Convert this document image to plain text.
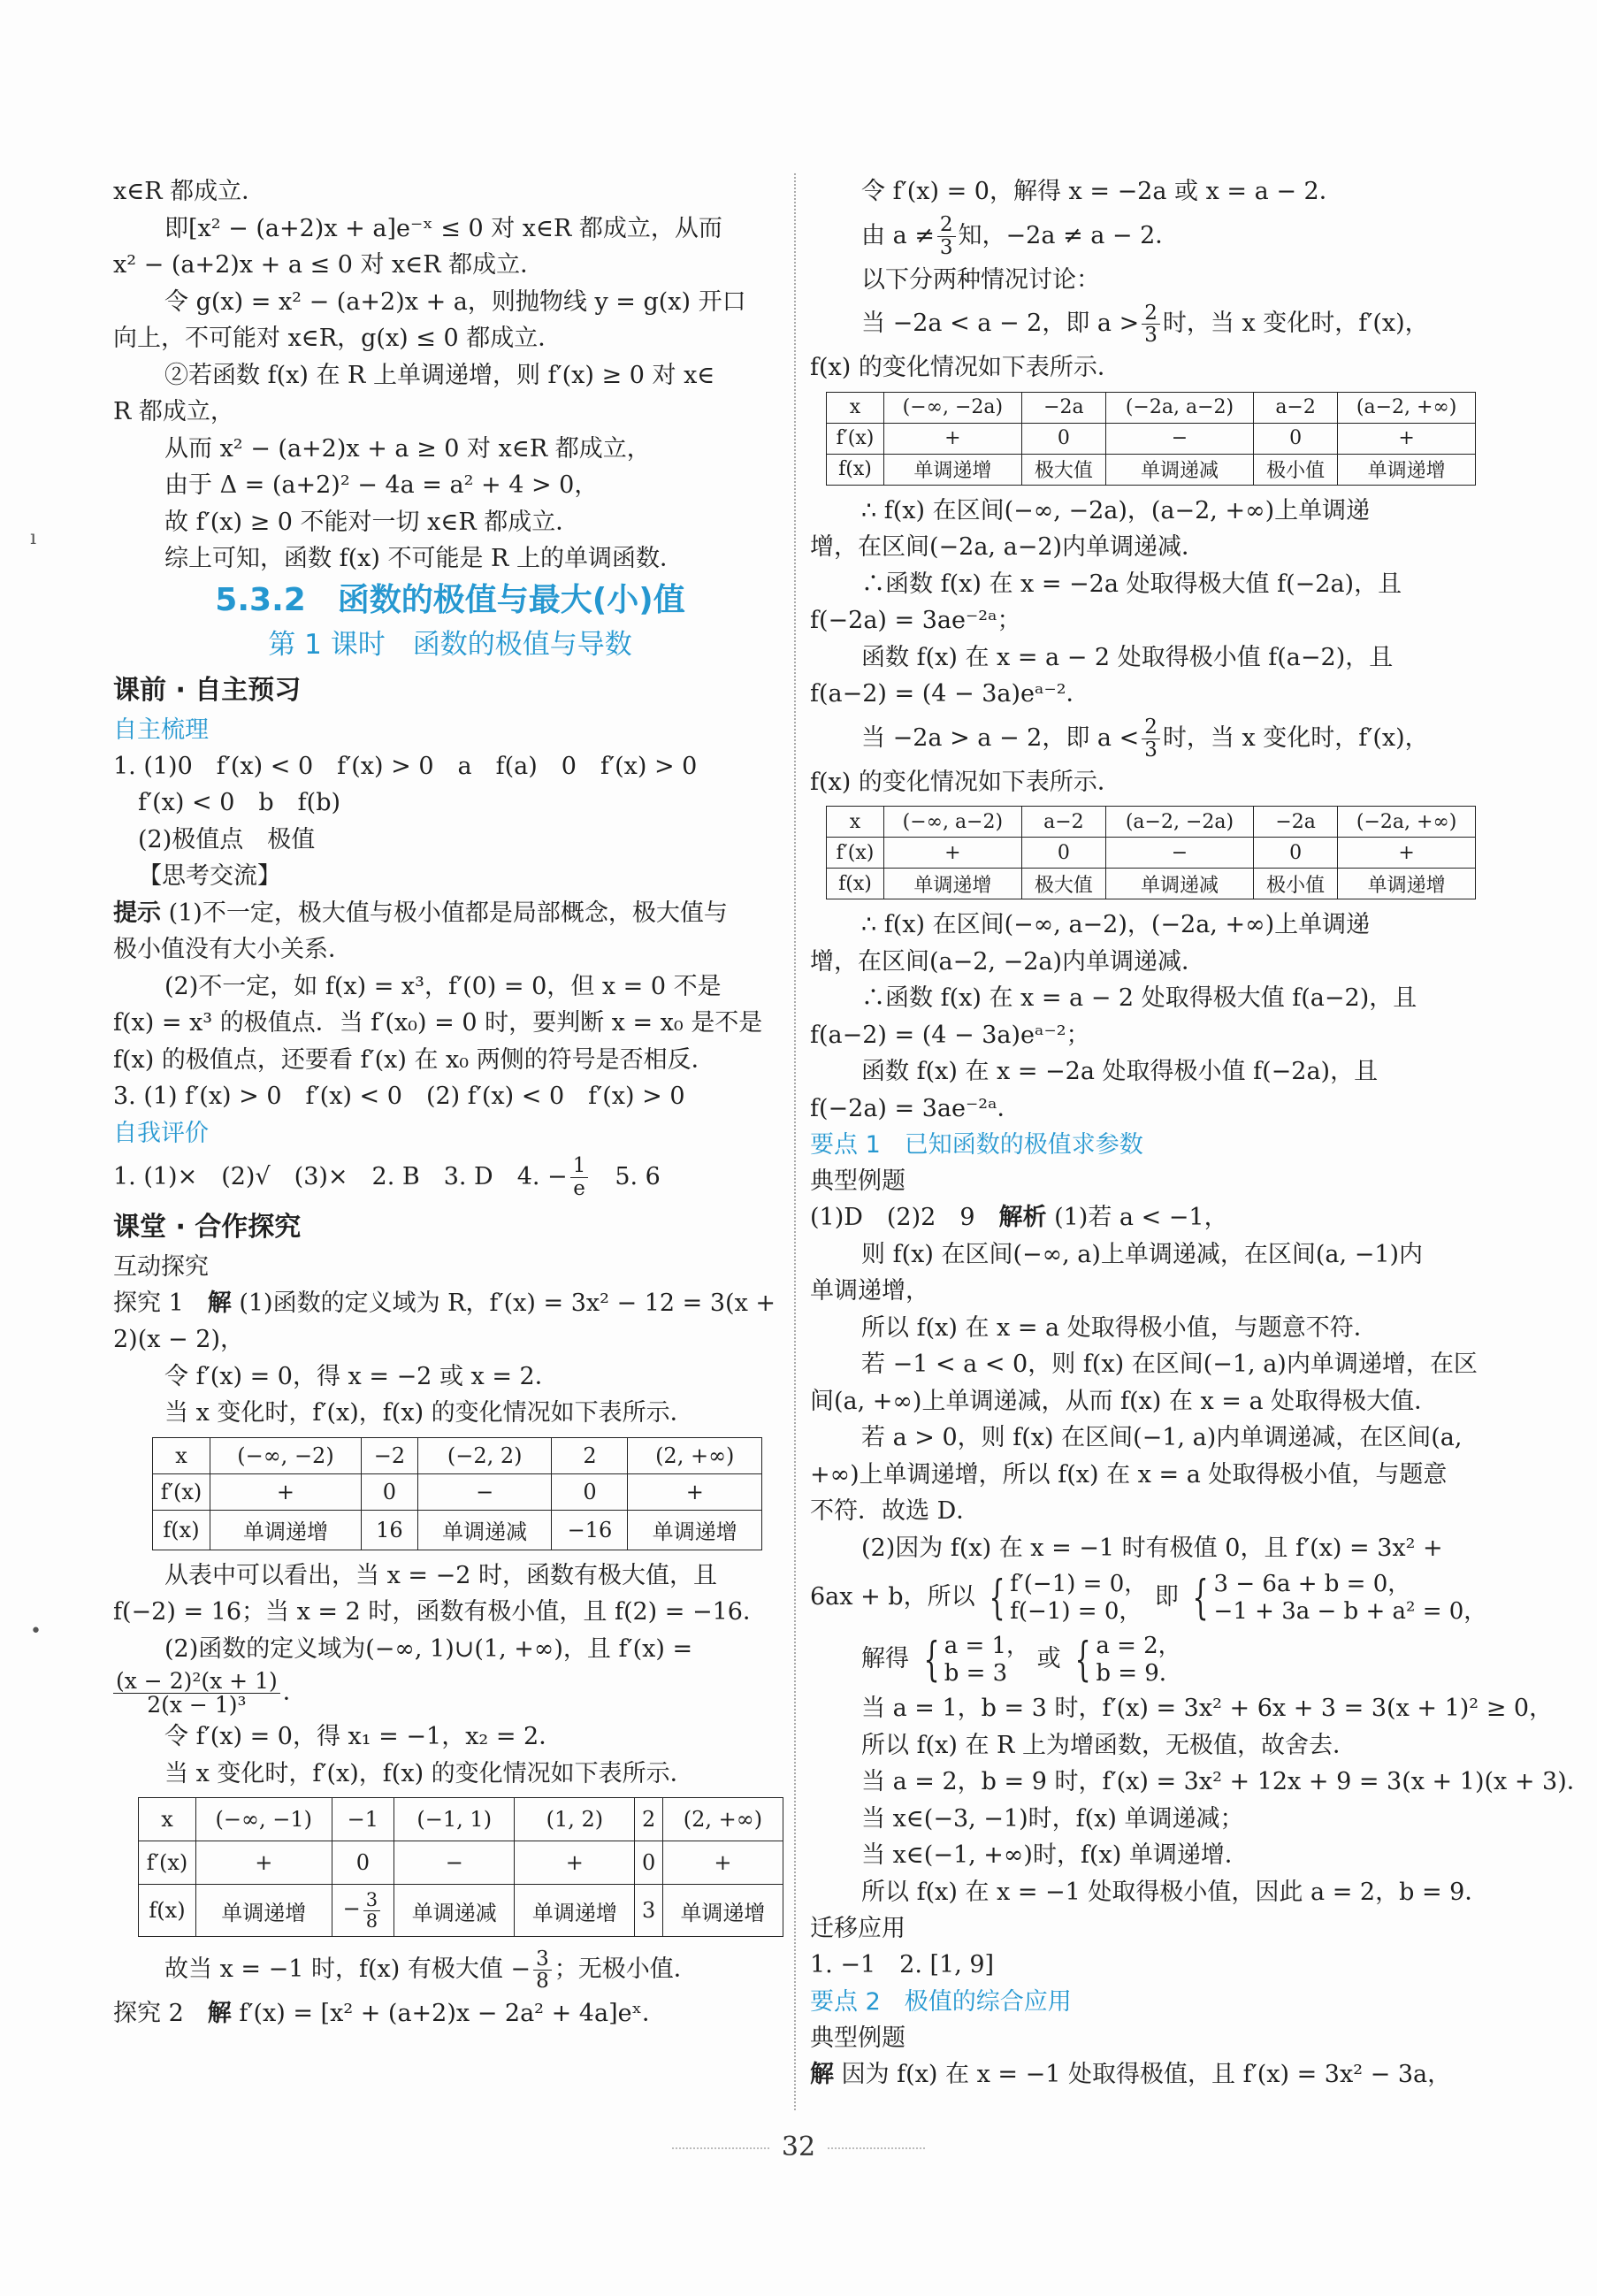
ı
•
x∈R 都成立．
即[x² − (a+2)x + a]e⁻ˣ ≤ 0 对 x∈R 都成立，从而
x² − (a+2)x + a ≤ 0 对 x∈R 都成立．
令 g(x) = x² − (a+2)x + a，则抛物线 y = g(x) 开口
向上，不可能对 x∈R，g(x) ≤ 0 都成立．
②若函数 f(x) 在 R 上单调递增，则 f′(x) ≥ 0 对 x∈
R 都成立，
从而 x² − (a+2)x + a ≥ 0 对 x∈R 都成立，
由于 Δ = (a+2)² − 4a = a² + 4 > 0，
故 f′(x) ≥ 0 不能对一切 x∈R 都成立．
综上可知，函数 f(x) 不可能是 R 上的单调函数．
5.3.2　函数的极值与最大(小)值
第 1 课时　函数的极值与导数
课前 · 自主预习
自主梳理
1. (1)0　f′(x) < 0　f′(x) > 0　a　f(a)　0　f′(x) > 0
f′(x) < 0　b　f(b)
(2)极值点　极值
【思考交流】
提示 (1)不一定，极大值与极小值都是局部概念，极大值与
极小值没有大小关系．
(2)不一定，如 f(x) = x³，f′(0) = 0，但 x = 0 不是
f(x) = x³ 的极值点．当 f′(x₀) = 0 时，要判断 x = x₀ 是不是
f(x) 的极值点，还要看 f′(x) 在 x₀ 两侧的符号是否相反．
3. (1) f′(x) > 0　f′(x) < 0　(2) f′(x) < 0　f′(x) > 0
自我评价
1. (1)×　(2)√　(3)×　2. B　3. D　4. − $\frac{1}{e}$
　 5. 6
课堂 · 合作探究
互动探究
探究 1　 解 (1)函数的定义域为 R，f′(x) = 3x² − 12 = 3(x +
2)(x − 2)，
令 f′(x) = 0，得 x = −2 或 x = 2．
当 x 变化时，f′(x)，f(x) 的变化情况如下表所示．
x	(−∞, −2)	−2	(−2, 2)	2	(2, +∞)
f′(x)	+	0	−	0	+
f(x)	单调递增	16	单调递减	−16	单调递增
从表中可以看出，当 x = −2 时，函数有极大值，且
f(−2) = 16；当 x = 2 时，函数有极小值，且 f(2) = −16．
(2)函数的定义域为(−∞, 1)∪(1, +∞)，且 f′(x) =
$\frac{\text{(x − 2)²(x + 1)}}{\text{2(x − 1)³}}$ ．
令 f′(x) = 0，得 x₁ = −1，x₂ = 2．
当 x 变化时，f′(x)，f(x) 的变化情况如下表所示．
x	(−∞, −1)	−1	(−1, 1)	(1, 2)	2	(2, +∞)
f′(x)	+	0	−	+	0	+
f(x)	单调递增	− $\frac{3}{8}$	单调递减	单调递增	3	单调递增
故当 x = −1 时，f(x) 有极大值 − $\frac{3}{8}$ ；无极小值．
探究 2　 解 f′(x) = [x² + (a+2)x − 2a² + 4a]eˣ．
令 f′(x) = 0，解得 x = −2a 或 x = a − 2．
由 $a \ne \frac{2}{3}$ 知，−2a ≠ a − 2．
以下分两种情况讨论：
当 −2a < a − 2，即 $a > \frac{2}{3}$ 时，当 x 变化时，f′(x)，
f(x) 的变化情况如下表所示．
x	(−∞, −2a)	−2a	(−2a, a−2)	a−2	(a−2, +∞)
f′(x)	+	0	−	0	+
f(x)	单调递增	极大值	单调递减	极小值	单调递增
∴ f(x) 在区间(−∞, −2a)，(a−2, +∞)上单调递
增，在区间(−2a, a−2)内单调递减．
∴函数 f(x) 在 x = −2a 处取得极大值 f(−2a)，且
f(−2a) = 3ae⁻²ᵃ；
函数 f(x) 在 x = a − 2 处取得极小值 f(a−2)，且
f(a−2) = (4 − 3a)eᵃ⁻²．
当 −2a > a − 2，即 $a < \frac{2}{3}$ 时，当 x 变化时，f′(x)，
f(x) 的变化情况如下表所示．
x	(−∞, a−2)	a−2	(a−2, −2a)	−2a	(−2a, +∞)
f′(x)	+	0	−	0	+
f(x)	单调递增	极大值	单调递减	极小值	单调递增
∴ f(x) 在区间(−∞, a−2)，(−2a, +∞)上单调递
增，在区间(a−2, −2a)内单调递减．
∴函数 f(x) 在 x = a − 2 处取得极大值 f(a−2)，且
f(a−2) = (4 − 3a)eᵃ⁻²；
函数 f(x) 在 x = −2a 处取得极小值 f(−2a)，且
f(−2a) = 3ae⁻²ᵃ．
要点 1　已知函数的极值求参数
典型例题
(1)D　(2)2　9　解析 (1)若 a < −1，
则 f(x) 在区间(−∞, a)上单调递减，在区间(a, −1)内
单调递增，
所以 f(x) 在 x = a 处取得极小值，与题意不符．
若 −1 < a < 0，则 f(x) 在区间(−1, a)内单调递增，在区
间(a, +∞)上单调递减，从而 f(x) 在 x = a 处取得极大值．
若 a > 0，则 f(x) 在区间(−1, a)内单调递减，在区间(a,
+∞)上单调递增，所以 f(x) 在 x = a 处取得极小值，与题意
不符．故选 D．
(2)因为 f(x) 在 x = −1 时有极值 0，且 f′(x) = 3x² +
6ax + b，所以 { f′(−1) = 0，
f(−1) = 0，
即 { 3 − 6a + b = 0，
−1 + 3a − b + a² = 0，
解得 { a = 1，
b = 3
或 { a = 2，
b = 9．
当 a = 1，b = 3 时，f′(x) = 3x² + 6x + 3 = 3(x + 1)² ≥ 0，
所以 f(x) 在 R 上为增函数，无极值，故舍去．
当 a = 2，b = 9 时，f′(x) = 3x² + 12x + 9 = 3(x + 1)(x + 3)．
当 x∈(−3, −1)时，f(x) 单调递减；
当 x∈(−1, +∞)时，f(x) 单调递增．
所以 f(x) 在 x = −1 处取得极小值，因此 a = 2，b = 9．
迁移应用
1. −1　2. [1, 9]
要点 2　极值的综合应用
典型例题
解 因为 f(x) 在 x = −1 处取得极值，且 f′(x) = 3x² − 3a，
32
